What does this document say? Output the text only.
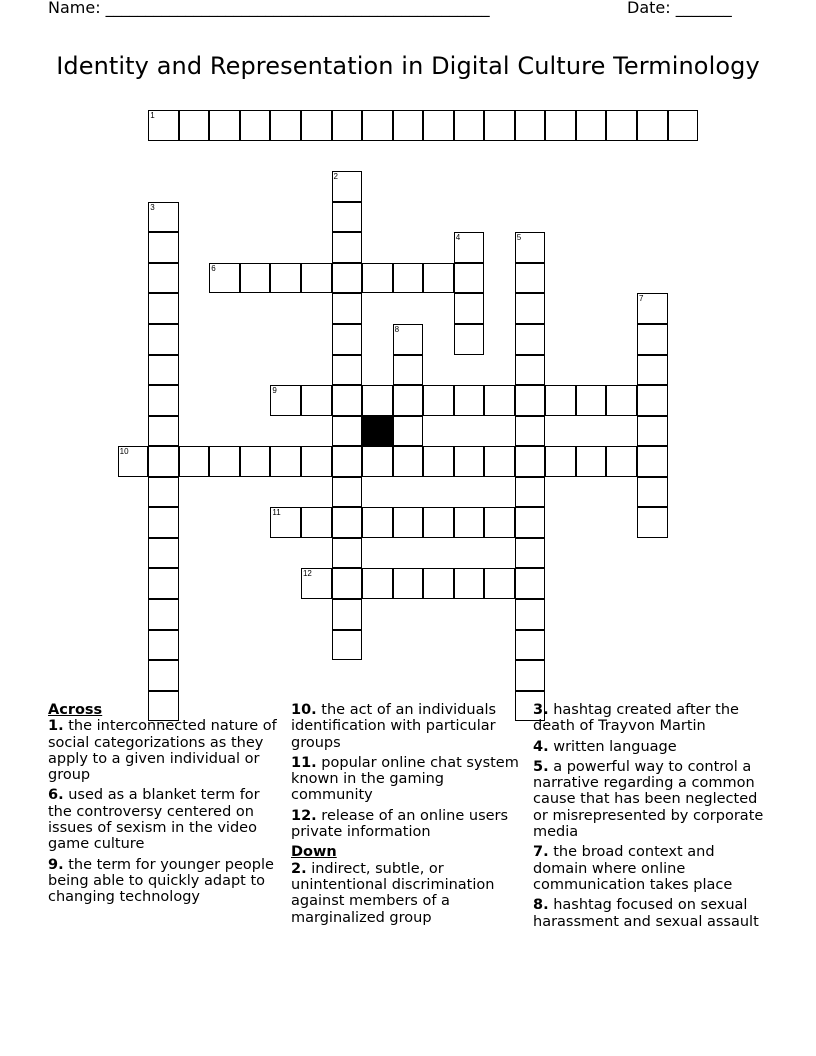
Name: ________________________________________________	Date: _______
Identity and Representation in Digital Culture Terminology
1
2
3
4	5
6
7
8
9
10
11
12
Across
1. the interconnected nature of social categorizations as they apply to a given individual or group
6. used as a blanket term for the controversy centered on issues of sexism in the video game culture
9. the term for younger people being able to quickly adapt to changing technology
10. the act of an individuals identification with particular groups
11. popular online chat system known in the gaming community
12. release of an online users private information
Down
2. indirect, subtle, or unintentional discrimination against members of a marginalized group
3. hashtag created after the death of Trayvon Martin
4. written language
5. a powerful way to control a narrative regarding a common cause that has been neglected or misrepresented by corporate media
7. the broad context and domain where online communication takes place
8. hashtag focused on sexual harassment and sexual assault
